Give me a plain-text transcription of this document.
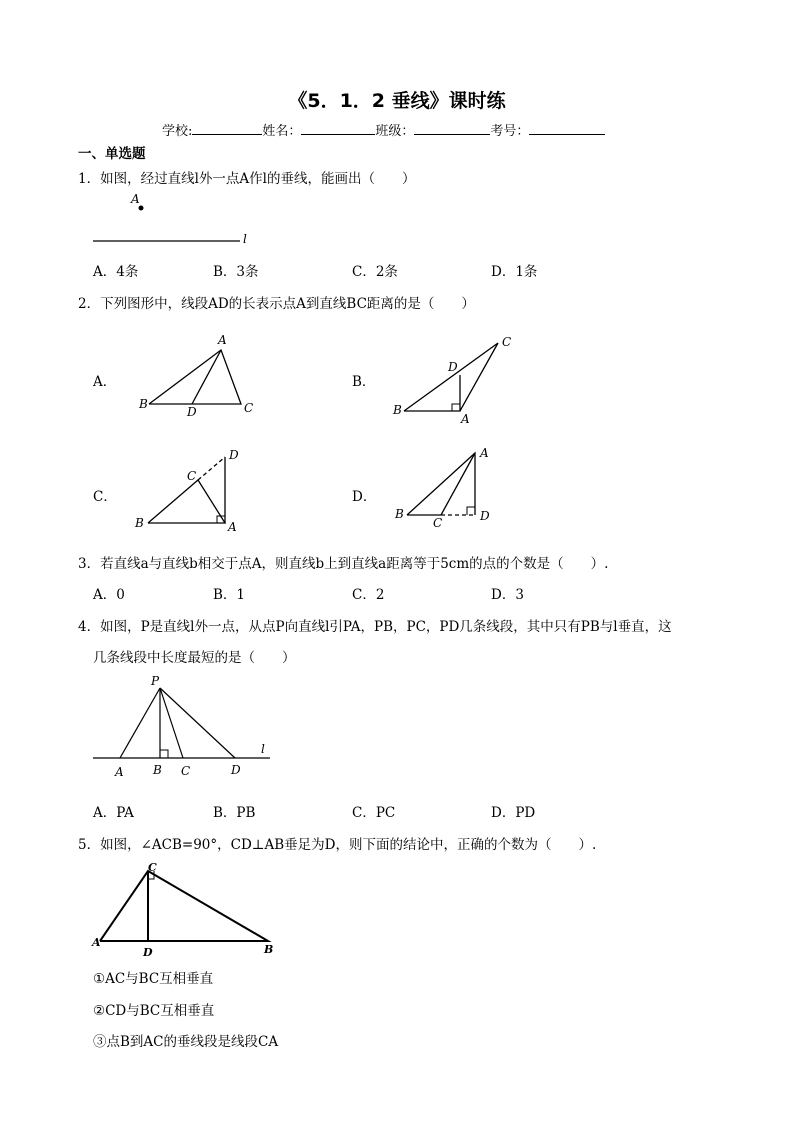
《5．1．2 垂线》课时练
学校:	姓名：	班级：	考号：
一、单选题
1．如图，经过直线l外一点A作l的垂线，能画出（　　）
A
l
A．4条	B．3条	C．2条	D．1条
2．下列图形中，线段AD的长表示点A到直线BC距离的是（　　）
A．
A
B
D	C
B．
C
D
B
A
C．
D
C
B	A
D．
A
B
C	D
3．若直线a与直线b相交于点A，则直线b上到直线a距离等于5cm的点的个数是（　　）.
A．0	B．1	C．2	D．3
4．如图，P是直线l外一点，从点P向直线l引PA，PB，PC，PD几条线段，其中只有PB与l垂直，这
几条线段中长度最短的是（　　）
P
l
A B C	D
A．PA	B．PB	C．PC	D．PD
5．如图，∠ACB=90°，CD⊥AB垂足为D，则下面的结论中，正确的个数为（　　）.
C
A
D	B
①AC与BC互相垂直
②CD与BC互相垂直
③点B到AC的垂线段是线段CA
